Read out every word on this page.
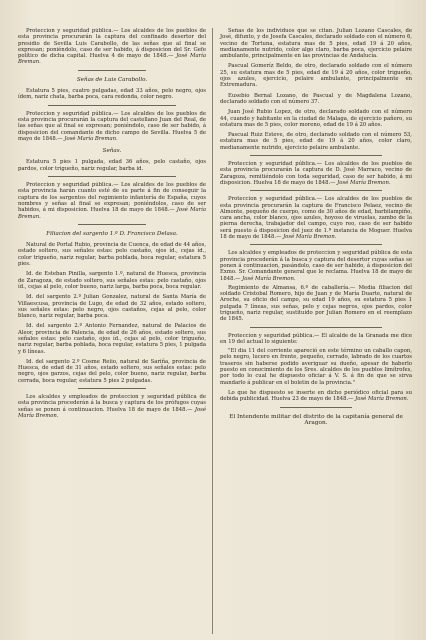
Proteccion y seguridad pública.— Los alcaldes de los pueblos de esta provincia procurarán la captura del confinado desertor del presidio de Sevilla Luis Carabollo, de las señas que al final se expresan; poniéndolo, caso de ser habido, á disposicion del Sr. Gefe político de dicha capital. Huelva 4 de mayo de 1848.— José María Breman.

Señas de Luis Carabollo.

Estatura 5 pies, cuatro pulgadas, edad 33 años, pelo negro, ojos ídem, nariz chata, barba poca, cara redonda, color negro.

Proteccion y seguridad pública.— Los alcaldes de los pueblos de esta provincia procurarán la captura del castellano Juan del Real, de las señas que al final se expresan; poniéndolo, caso de ser habido, á disposicion del comandante de dicho campo de Sevilla. Huelva 5 de mayo de 1848.— José María Breman.

Señas.

Estatura 5 pies 1 pulgada, edad 36 años, pelo castaño, ojos pardos, color trigueño, nariz regular, barba id.

Proteccion y seguridad pública.— Los alcaldes de los pueblos de esta provincia harán cuanto esté de su parte á fin de conseguir la captura de los sargentos del regimiento infantería de España, cuyos nombres y señas al final se expresan; poniéndolos, caso de ser habidos, á mi disposicion. Huelva 18 de mayo de 1848.— José María Breman.

Filiacion del sargento 1.º D. Francisco Delasa.

Natural de Portal Rubio, provincia de Cuenca, de edad de 44 años, estado soltero, sus señales estas: pelo castaño, ojos íd., cejas íd., color trigueño, nariz regular, barba poblada, boca regular, estatura 5 pies.

Id. de Esteban Pinilla, sargento 1.º, natural de Huesca, provincia de Zaragoza, de estado soltero, sus señales estas: pelo castaño, ojos íd., cejas al pelo, color bueno, nariz larga, barba poca, boca regular.

Id. del sargento 2.º Julian Gonzalez, natural de Santa María de Villaescusa, provincia de Lugo, de edad de 32 años, estado soltero, sus señales estas: pelo negro, ojos castaños, cejas al pelo, color blanco, nariz regular, barba poca.

Id. del sargento 2.º Antonio Fernandez, natural de Palacios de Aleor, provincia de Palencia, de edad de 26 años, estado soltero, sus señales estas: pelo castaño, ojos íd., cejas al pelo, color trigueño, nariz regular, barba poblada, boca regular, estatura 5 pies, 1 pulgada y 6 líneas.

Id. del sargento 2.º Cosme Reiio, natural de Sariña, provincia de Huesca, de edad de 31 años, estado soltero, sus señales estas: pelo negro, ojos garzos, cejas del pelo, color bueno, nariz regular, barba cerrada, boca regular, estatura 5 pies 2 pulgadas.

Los alcaldes y empleados de proteccion y seguridad pública de esta provincia procederán á la busca y captura de los prófugos cuyas señas se ponen á continuacion. Huelva 18 de mayo de 1848.— José María Bremon.

Señas de los individuos que se citan. Julian Lozano Cascales, de José, difunto, y de Josefa Cascales, declarado soldado con el número 6, vecino de Tortuna, estatura mas de 5 pies, edad 19 á 20 años, medianamente nutrido, color algo claro, barba poca, ejercicio pelaire ambulante, principalmente en las provincias de Andalucía.

Pascual Gomeríz Beldo, de otro, declarado soldado con el número 25, su estatura mas de 5 pies, edad de 19 á 20 años, color trigueño, ojos azules, ejercicio, pelaire ambulante, principalmente en Extremadura.

Eusebio Bernal Lozano, de Pascual y de Magdalena Lozano, declarado soldado con el número 37.

Juan José Rubio Lopez, de otro, declarado soldado con el número 44, cuando y habitante en la ciudad de Malaga, de ejercicio pañero, su estatura mas de 5 pies, color moreno, edad de 19 á 20 años.

Pascual Ruiz Esteve, de otro, declarado soldado con el número 53, estatura mas de 5 pies, edad de 19 á 20 años, color claro, medianamente nutrido, ejercicio pelaire ambulante.

Proteccion y seguridad pública.— Los alcaldes de los pueblos de esta provincia procurarán la captura de D. José Marraco, vecino de Zaragoza, remitiéndolo con toda seguridad, caso de ser habido, á mi disposicion. Huelva 18 de mayo de 1848.— José María Bremon.

Proteccion y seguridad pública.— Los alcaldes de los pueblos de esta provincia procurarán la captura de Francisco Pelaez, vecino de Almonte, pequeño de cuerpo, como de 30 años de edad, barbilampiño, cara ancha, color blanco, ojos azules, hoyoso de viruelas, zambo de la pierna derecha, trabajador del campo, cuyo reo, caso de ser habido será puesto á disposicion del juez de 1.ª instancia de Moguer. Huelva 18 de mayo de 1848.— José María Bremon.

Los alcaldes y empleados de proteccion y seguridad pública de esta provincia procederán á la busca y captura del desertor cuyas señas se ponen á continuacion, pasándolo, caso de ser habido, á disposicion del Exmo. Sr. Comandante general que le reclama. Huelva 18 de mayo de 1848.— José María Bremon.

Regimiento de Almansa, 6.º de caballería.— Media filiacion del soldado Cristobal Romero, hijo de Juan y de María Duarte, natural de Aroche, su oficio del campo, su edad 19 años, su estatura 5 pies 1 pulgada 7 líneas, sus señas, pelo y cejas negros, ojos pardos, color trigueño, nariz regular, sustituido por Julian Romero en el reemplazo de 1845.

Proteccion y seguridad pública.— El alcalde de la Granada me dice en 19 del actual lo siguiente:

"El dia 11 del corriente apareció en este término un caballo capon, pelo negro, lucero en frente, pequeño, cerrado, labrado de los cuartos traseros sin haberse podido averiguar su dueño, apesar de haberlo puesto en conocimiento de los Sres. alcaldes de los pueblos limítrofes, por todo lo cual he dispuesto oficiar á V. S. á fin de que se sirva mandarlo á publicar en el boletin de la provincia."

Lo que he dispuesto se inserte en dicho periódico oficial para su debida publicidad. Huelva 23 de mayo de 1848.— José María Bremon.

El Intendente militar del distrito de la capitanía general de Aragon.
